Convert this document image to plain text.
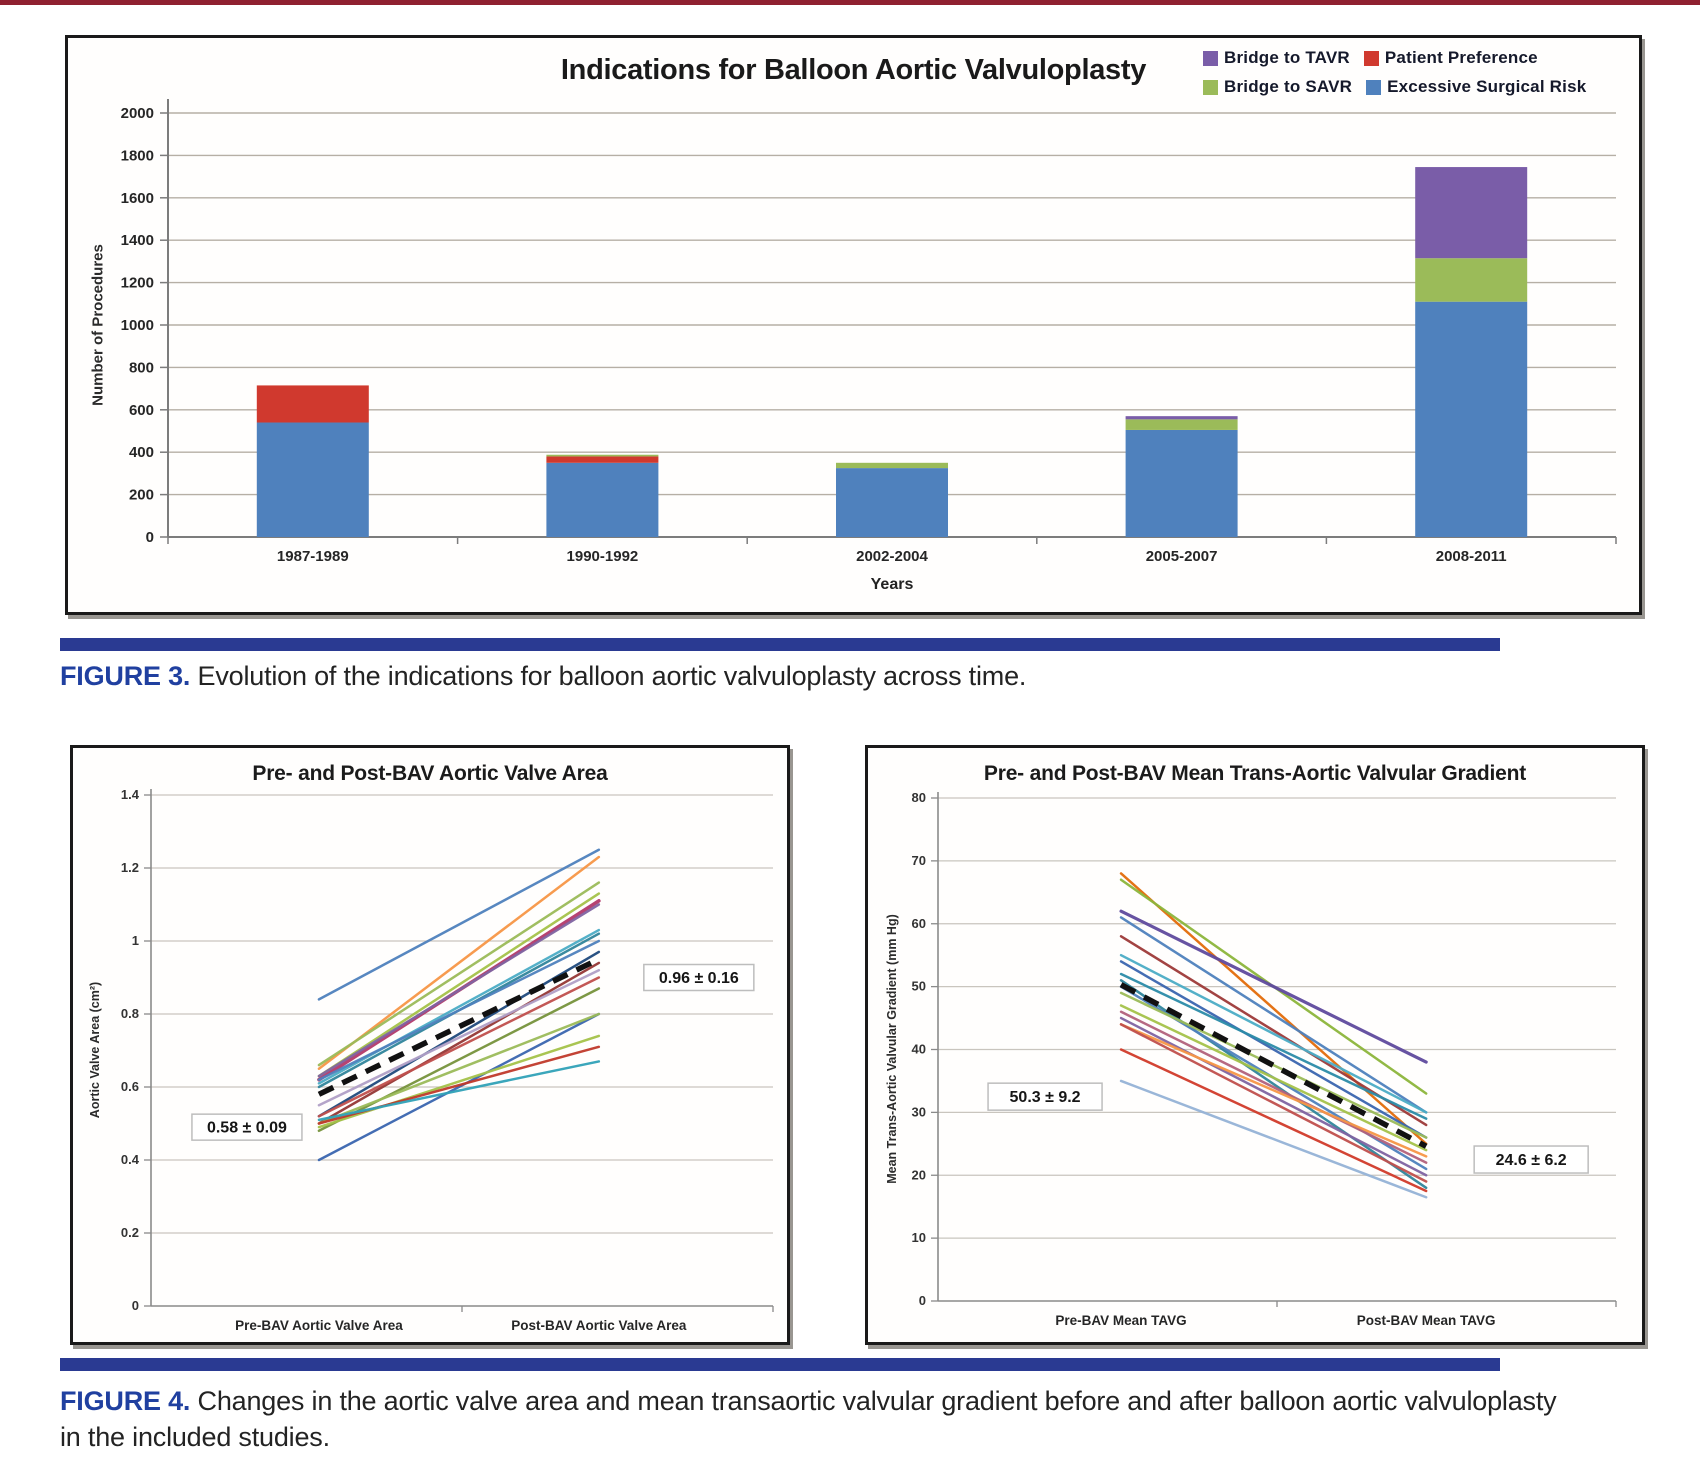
Indications for Balloon Aortic Valvuloplasty	Bridge to TAVR Patient Preference
Bridge to SAVR Excessive Surgical Risk
0
200
400
600
800
1000
1200
1400
1600
1800
2000
1987-1989	1990-1992	2002-2004	2005-2007	2008-2011
Number of Procedures
Years

FIGURE 3. Evolution of the indications for balloon aortic valvuloplasty across time.

Pre- and Post-BAV Aortic Valve Area
0
0.2
0.4
0.6
0.8
1
1.2
1.4
Pre-BAV Aortic Valve Area	Post-BAV Aortic Valve Area
0.58 ± 0.09
0.96 ± 0.16
Aortic Valve Area (cm²)
Pre- and Post-BAV Mean Trans-Aortic Valvular Gradient
0
10
20
30
40
50
60
70
80
Pre-BAV Mean TAVG	Post-BAV Mean TAVG
50.3 ± 9.2
24.6 ± 6.2
Mean Trans-Aortic Valvular Gradient (mm Hg)

FIGURE 4. Changes in the aortic valve area and mean transaortic valvular gradient before and after balloon aortic valvuloplasty in the included studies.
